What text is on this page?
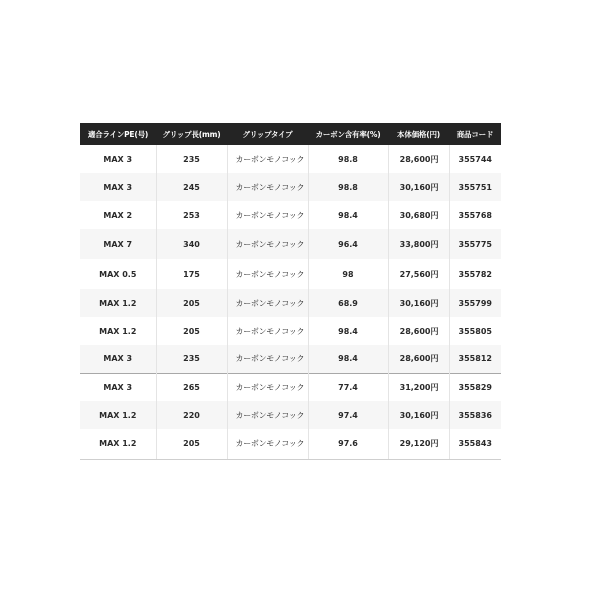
適合ラインPE(号)	グリップ長(mm)	グリップタイプ	カーボン含有率(%)	本体価格(円)	商品コード
MAX 3	235	カーボンモノコック	98.8	28,600円	355744
MAX 3	245	カーボンモノコック	98.8	30,160円	355751
MAX 2	253	カーボンモノコック	98.4	30,680円	355768
MAX 7	340	カーボンモノコック	96.4	33,800円	355775
MAX 0.5	175	カーボンモノコック	98	27,560円	355782
MAX 1.2	205	カーボンモノコック	68.9	30,160円	355799
MAX 1.2	205	カーボンモノコック	98.4	28,600円	355805
MAX 3	235	カーボンモノコック	98.4	28,600円	355812
MAX 3	265	カーボンモノコック	77.4	31,200円	355829
MAX 1.2	220	カーボンモノコック	97.4	30,160円	355836
MAX 1.2	205	カーボンモノコック	97.6	29,120円	355843
